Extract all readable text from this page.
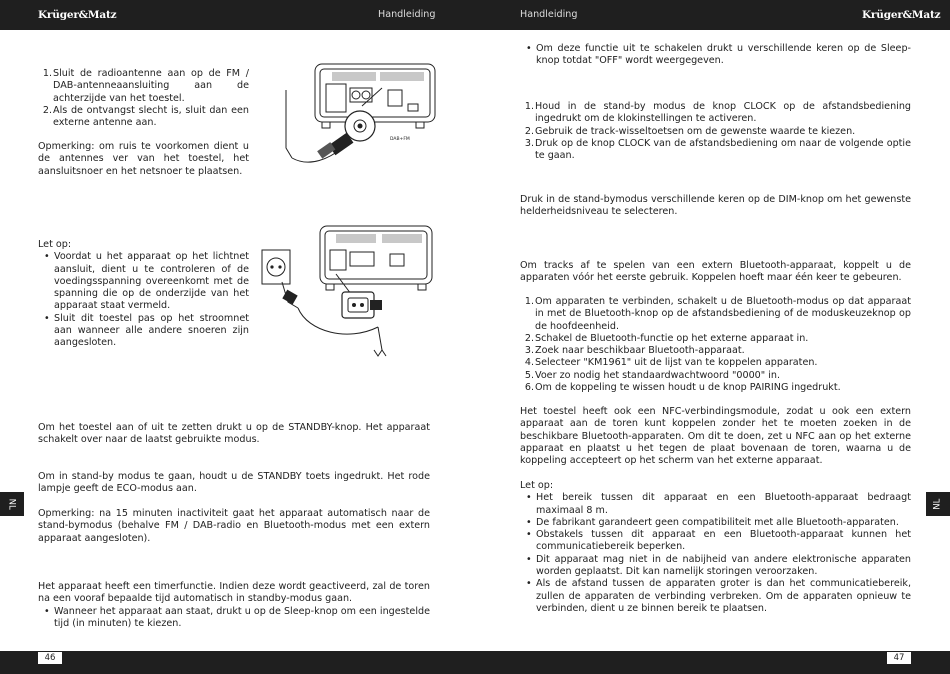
Krüger&Matz	Handleiding	Handleiding	Krüger&Matz
1. Sluit de radioantenne aan op de FM / DAB-antenneaansluiting aan de achterzijde van het toestel.
2. Als de ontvangst slecht is, sluit dan een externe antenne aan.

Opmerking: om ruis te voorkomen dient u de antennes ver van het toestel, het aansluitsnoer en het netsnoer te plaatsen.

DAB+FM

Let op:

• Voordat u het apparaat op het lichtnet aansluit, dient u te controleren of de voedingsspanning overeenkomt met de spanning die op de onderzijde van het apparaat staat vermeld.
• Sluit dit toestel pas op het stroomnet aan wanneer alle andere snoeren zijn aangesloten.

Om het toestel aan of uit te zetten drukt u op de STANDBY-knop. Het apparaat schakelt over naar de laatst gebruikte modus.

Om in stand-by modus te gaan, houdt u de STANDBY toets ingedrukt. Het rode lampje geeft de ECO-modus aan.

Opmerking: na 15 minuten inactiviteit gaat het apparaat automatisch naar de stand-bymodus (behalve FM / DAB-radio en Bluetooth-modus met een extern apparaat aangesloten).

Het apparaat heeft een timerfunctie. Indien deze wordt geactiveerd, zal de toren na een vooraf bepaalde tijd automatisch in standby-modus gaan.

• Wanneer het apparaat aan staat, drukt u op de Sleep-knop om een ingestelde tijd (in minuten) te kiezen.
NL
• Om deze functie uit te schakelen drukt u verschillende keren op de Sleep-knop totdat "OFF" wordt weergegeven.
1. Houd in de stand-by modus de knop CLOCK op de afstandsbediening ingedrukt om de klokinstellingen te activeren.
2. Gebruik de track-wisseltoetsen om de gewenste waarde te kiezen.
3. Druk op de knop CLOCK van de afstandsbediening om naar de volgende optie te gaan.

Druk in de stand-bymodus verschillende keren op de DIM-knop om het gewenste helderheidsniveau te selecteren.

Om tracks af te spelen van een extern Bluetooth-apparaat, koppelt u de apparaten vóór het eerste gebruik. Koppelen hoeft maar één keer te gebeuren.

1. Om apparaten te verbinden, schakelt u de Bluetooth-modus op dat apparaat in met de Bluetooth-knop op de afstandsbediening of de moduskeuzeknop op de hoofdeenheid.
2. Schakel de Bluetooth-functie op het externe apparaat in.
3. Zoek naar beschikbaar Bluetooth-apparaat.
4. Selecteer "KM1961" uit de lijst van te koppelen apparaten.
5. Voer zo nodig het standaardwachtwoord "0000" in.
6. Om de koppeling te wissen houdt u de knop PAIRING ingedrukt.

Het toestel heeft ook een NFC-verbindingsmodule, zodat u ook een extern apparaat aan de toren kunt koppelen zonder het te moeten zoeken in de beschikbare Bluetooth-apparaten. Om dit te doen, zet u NFC aan op het externe apparaat en plaatst u het tegen de plaat bovenaan de toren, waarna u de koppeling accepteert op het scherm van het externe apparaat.

Let op:

• Het bereik tussen dit apparaat en een Bluetooth-apparaat bedraagt maximaal 8 m.
• De fabrikant garandeert geen compatibiliteit met alle Bluetooth-apparaten.
• Obstakels tussen dit apparaat en een Bluetooth-apparaat kunnen het communicatiebereik beperken.
• Dit apparaat mag niet in de nabijheid van andere elektronische apparaten worden geplaatst. Dit kan namelijk storingen veroorzaken.
• Als de afstand tussen de apparaten groter is dan het communicatiebereik, zullen de apparaten de verbinding verbreken. Om de apparaten opnieuw te verbinden, dient u ze binnen bereik te plaatsen.
NL
46	47
